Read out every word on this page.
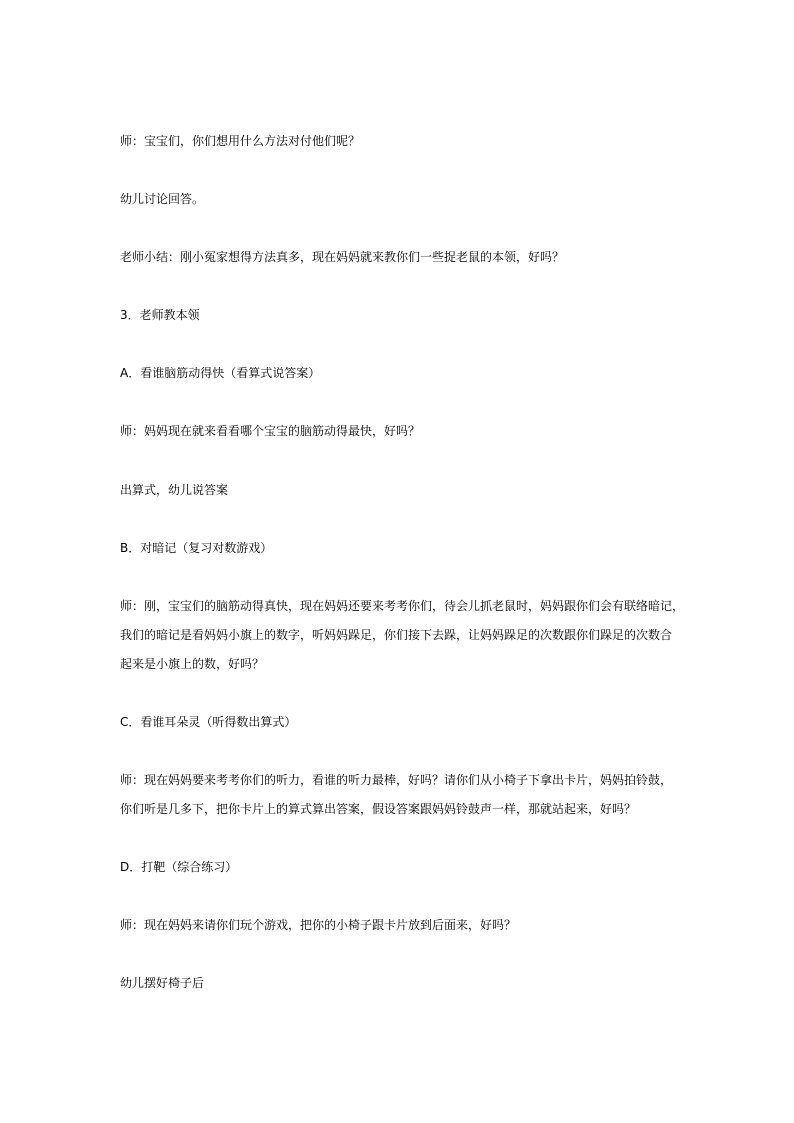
师：宝宝们，你们想用什么方法对付他们呢？
幼儿讨论回答。
老师小结：刚小冤家想得方法真多，现在妈妈就来教你们一些捉老鼠的本领，好吗？
3．老师教本领
A．看谁脑筋动得快（看算式说答案）
师：妈妈现在就来看看哪个宝宝的脑筋动得最快，好吗？
出算式，幼儿说答案
B．对暗记（复习对数游戏）
师：刚，宝宝们的脑筋动得真快，现在妈妈还要来考考你们，待会儿抓老鼠时，妈妈跟你们会有联络暗记，
我们的暗记是看妈妈小旗上的数字，听妈妈跺足，你们接下去跺，让妈妈跺足的次数跟你们跺足的次数合
起来是小旗上的数，好吗？
C．看谁耳朵灵（听得数出算式）
师：现在妈妈要来考考你们的听力，看谁的听力最棒，好吗？请你们从小椅子下拿出卡片，妈妈拍铃鼓，
你们听是几多下，把你卡片上的算式算出答案，假设答案跟妈妈铃鼓声一样，那就站起来，好吗？
D．打靶（综合练习）
师：现在妈妈来请你们玩个游戏，把你的小椅子跟卡片放到后面来，好吗？
幼儿摆好椅子后
